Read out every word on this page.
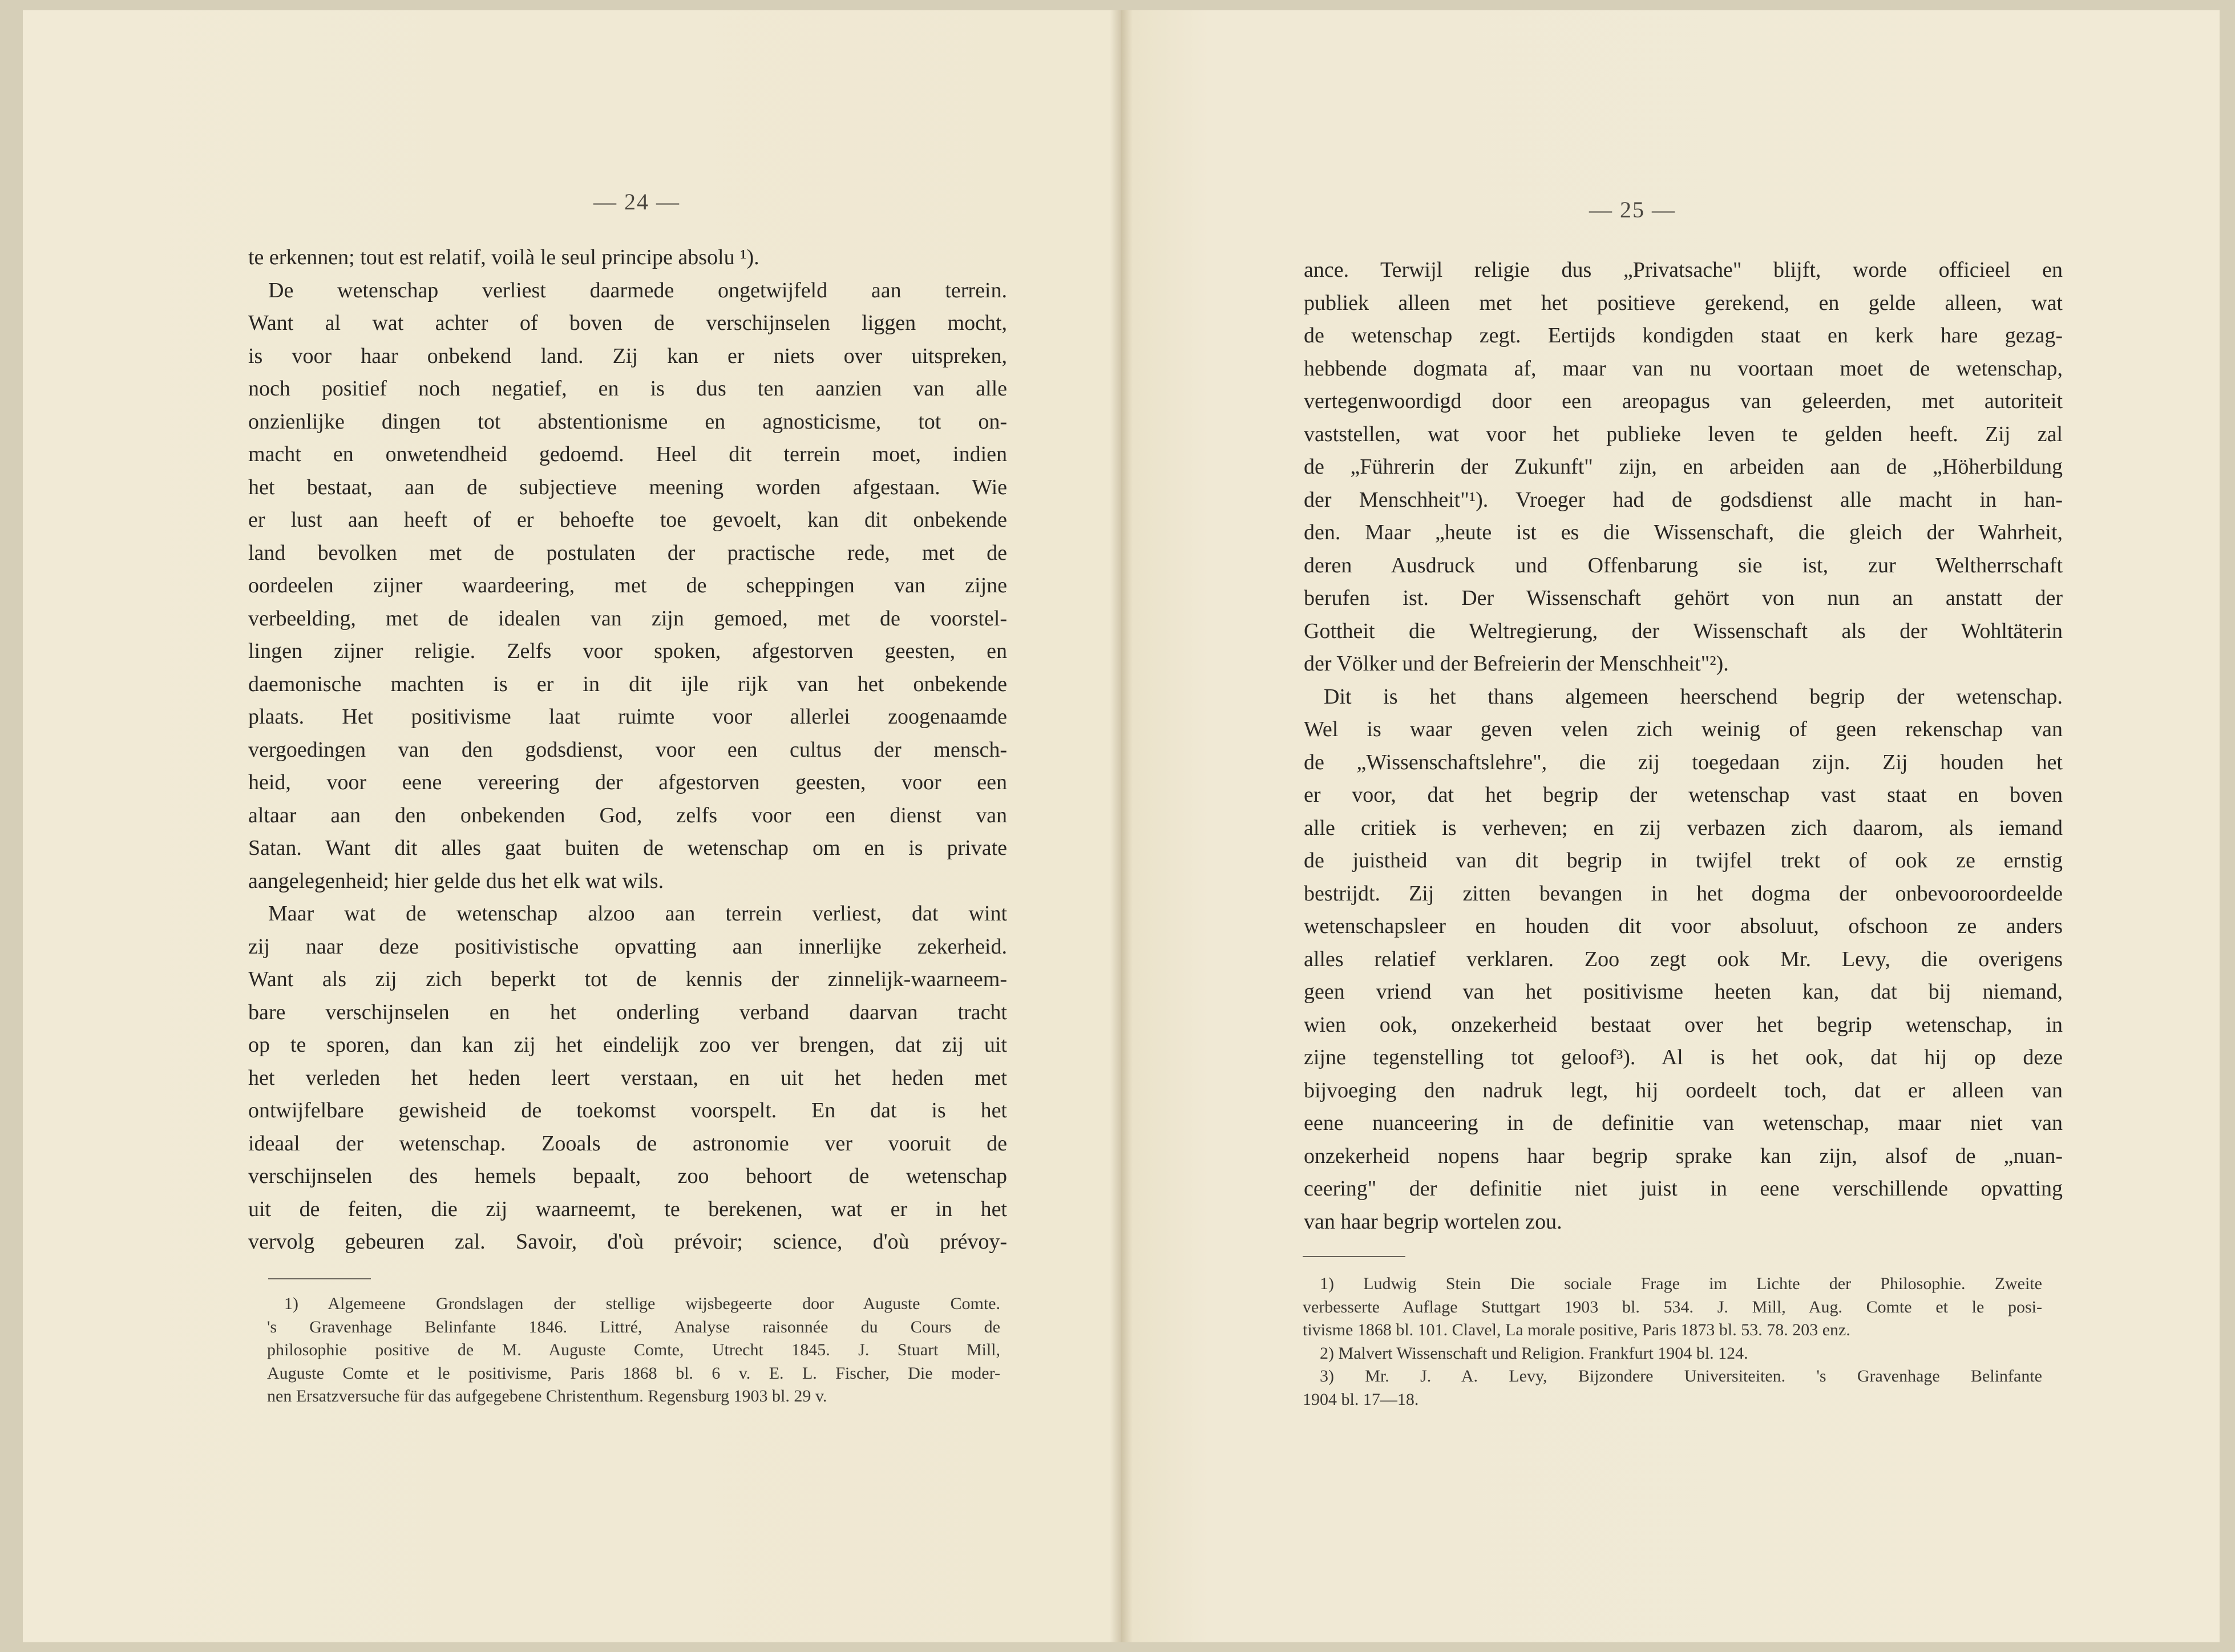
— 24 —
te erkennen; tout est relatif, voilà le seul principe absolu ¹).
De wetenschap verliest daarmede ongetwijfeld aan terrein.
Want al wat achter of boven de verschijnselen liggen mocht,
is voor haar onbekend land. Zij kan er niets over uitspreken,
noch positief noch negatief, en is dus ten aanzien van alle
onzienlijke dingen tot abstentionisme en agnosticisme, tot on-
macht en onwetendheid gedoemd. Heel dit terrein moet, indien
het bestaat, aan de subjectieve meening worden afgestaan. Wie
er lust aan heeft of er behoefte toe gevoelt, kan dit onbekende
land bevolken met de postulaten der practische rede, met de
oordeelen zijner waardeering, met de scheppingen van zijne
verbeelding, met de idealen van zijn gemoed, met de voorstel-
lingen zijner religie. Zelfs voor spoken, afgestorven geesten, en
daemonische machten is er in dit ijle rijk van het onbekende
plaats. Het positivisme laat ruimte voor allerlei zoogenaamde
vergoedingen van den godsdienst, voor een cultus der mensch-
heid, voor eene vereering der afgestorven geesten, voor een
altaar aan den onbekenden God, zelfs voor een dienst van
Satan. Want dit alles gaat buiten de wetenschap om en is private
aangelegenheid; hier gelde dus het elk wat wils.
Maar wat de wetenschap alzoo aan terrein verliest, dat wint
zij naar deze positivistische opvatting aan innerlijke zekerheid.
Want als zij zich beperkt tot de kennis der zinnelijk-waarneem-
bare verschijnselen en het onderling verband daarvan tracht
op te sporen, dan kan zij het eindelijk zoo ver brengen, dat zij uit
het verleden het heden leert verstaan, en uit het heden met
ontwijfelbare gewisheid de toekomst voorspelt. En dat is het
ideaal der wetenschap. Zooals de astronomie ver vooruit de
verschijnselen des hemels bepaalt, zoo behoort de wetenschap
uit de feiten, die zij waarneemt, te berekenen, wat er in het
vervolg gebeuren zal. Savoir, d'où prévoir; science, d'où prévoy-
1) Algemeene Grondslagen der stellige wijsbegeerte door Auguste Comte.
's Gravenhage Belinfante 1846. Littré, Analyse raisonnée du Cours de
philosophie positive de M. Auguste Comte, Utrecht 1845. J. Stuart Mill,
Auguste Comte et le positivisme, Paris 1868 bl. 6 v. E. L. Fischer, Die moder-
nen Ersatzversuche für das aufgegebene Christenthum. Regensburg 1903 bl. 29 v.
— 25 —
ance. Terwijl religie dus „Privatsache" blijft, worde officieel en
publiek alleen met het positieve gerekend, en gelde alleen, wat
de wetenschap zegt. Eertijds kondigden staat en kerk hare gezag-
hebbende dogmata af, maar van nu voortaan moet de wetenschap,
vertegenwoordigd door een areopagus van geleerden, met autoriteit
vaststellen, wat voor het publieke leven te gelden heeft. Zij zal
de „Führerin der Zukunft" zijn, en arbeiden aan de „Höherbildung
der Menschheit"¹). Vroeger had de godsdienst alle macht in han-
den. Maar „heute ist es die Wissenschaft, die gleich der Wahrheit,
deren Ausdruck und Offenbarung sie ist, zur Weltherrschaft
berufen ist. Der Wissenschaft gehört von nun an anstatt der
Gottheit die Weltregierung, der Wissenschaft als der Wohltäterin
der Völker und der Befreierin der Menschheit"²).
Dit is het thans algemeen heerschend begrip der wetenschap.
Wel is waar geven velen zich weinig of geen rekenschap van
de „Wissenschaftslehre", die zij toegedaan zijn. Zij houden het
er voor, dat het begrip der wetenschap vast staat en boven
alle critiek is verheven; en zij verbazen zich daarom, als iemand
de juistheid van dit begrip in twijfel trekt of ook ze ernstig
bestrijdt. Zij zitten bevangen in het dogma der onbevooroordeelde
wetenschapsleer en houden dit voor absoluut, ofschoon ze anders
alles relatief verklaren. Zoo zegt ook Mr. Levy, die overigens
geen vriend van het positivisme heeten kan, dat bij niemand,
wien ook, onzekerheid bestaat over het begrip wetenschap, in
zijne tegenstelling tot geloof³). Al is het ook, dat hij op deze
bijvoeging den nadruk legt, hij oordeelt toch, dat er alleen van
eene nuanceering in de definitie van wetenschap, maar niet van
onzekerheid nopens haar begrip sprake kan zijn, alsof de „nuan-
ceering" der definitie niet juist in eene verschillende opvatting
van haar begrip wortelen zou.
1) Ludwig Stein Die sociale Frage im Lichte der Philosophie. Zweite
verbesserte Auflage Stuttgart 1903 bl. 534. J. Mill, Aug. Comte et le posi-
tivisme 1868 bl. 101. Clavel, La morale positive, Paris 1873 bl. 53. 78. 203 enz.
2) Malvert Wissenschaft und Religion. Frankfurt 1904 bl. 124.
3) Mr. J. A. Levy, Bijzondere Universiteiten. 's Gravenhage Belinfante
1904 bl. 17—18.
